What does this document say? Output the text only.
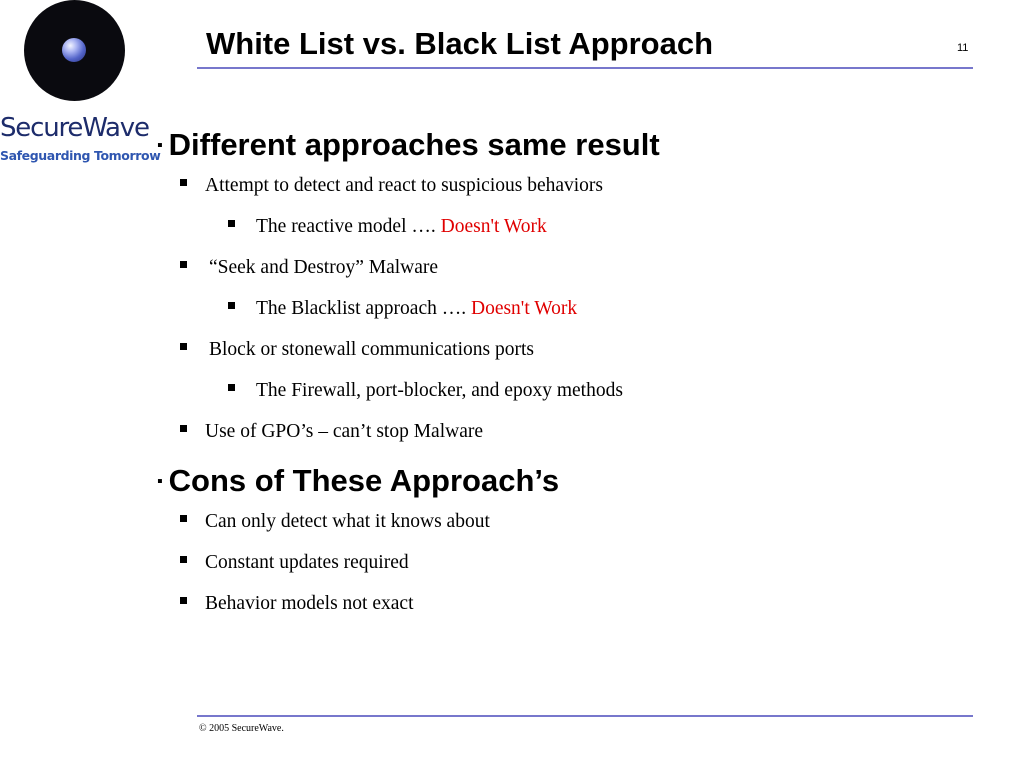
SecureWave
Safeguarding Tomorrow
White List vs. Black List Approach	11
▪ Different approaches same result
Attempt to detect and react to suspicious behaviors
The reactive model …. Doesn't Work
“Seek and Destroy” Malware
The Blacklist approach …. Doesn't Work
Block or stonewall communications ports
The Firewall, port-blocker, and epoxy methods
Use of GPO’s – can’t stop Malware
▪ Cons of These Approach’s
Can only detect what it knows about
Constant updates required
Behavior models not exact
© 2005 SecureWave.
